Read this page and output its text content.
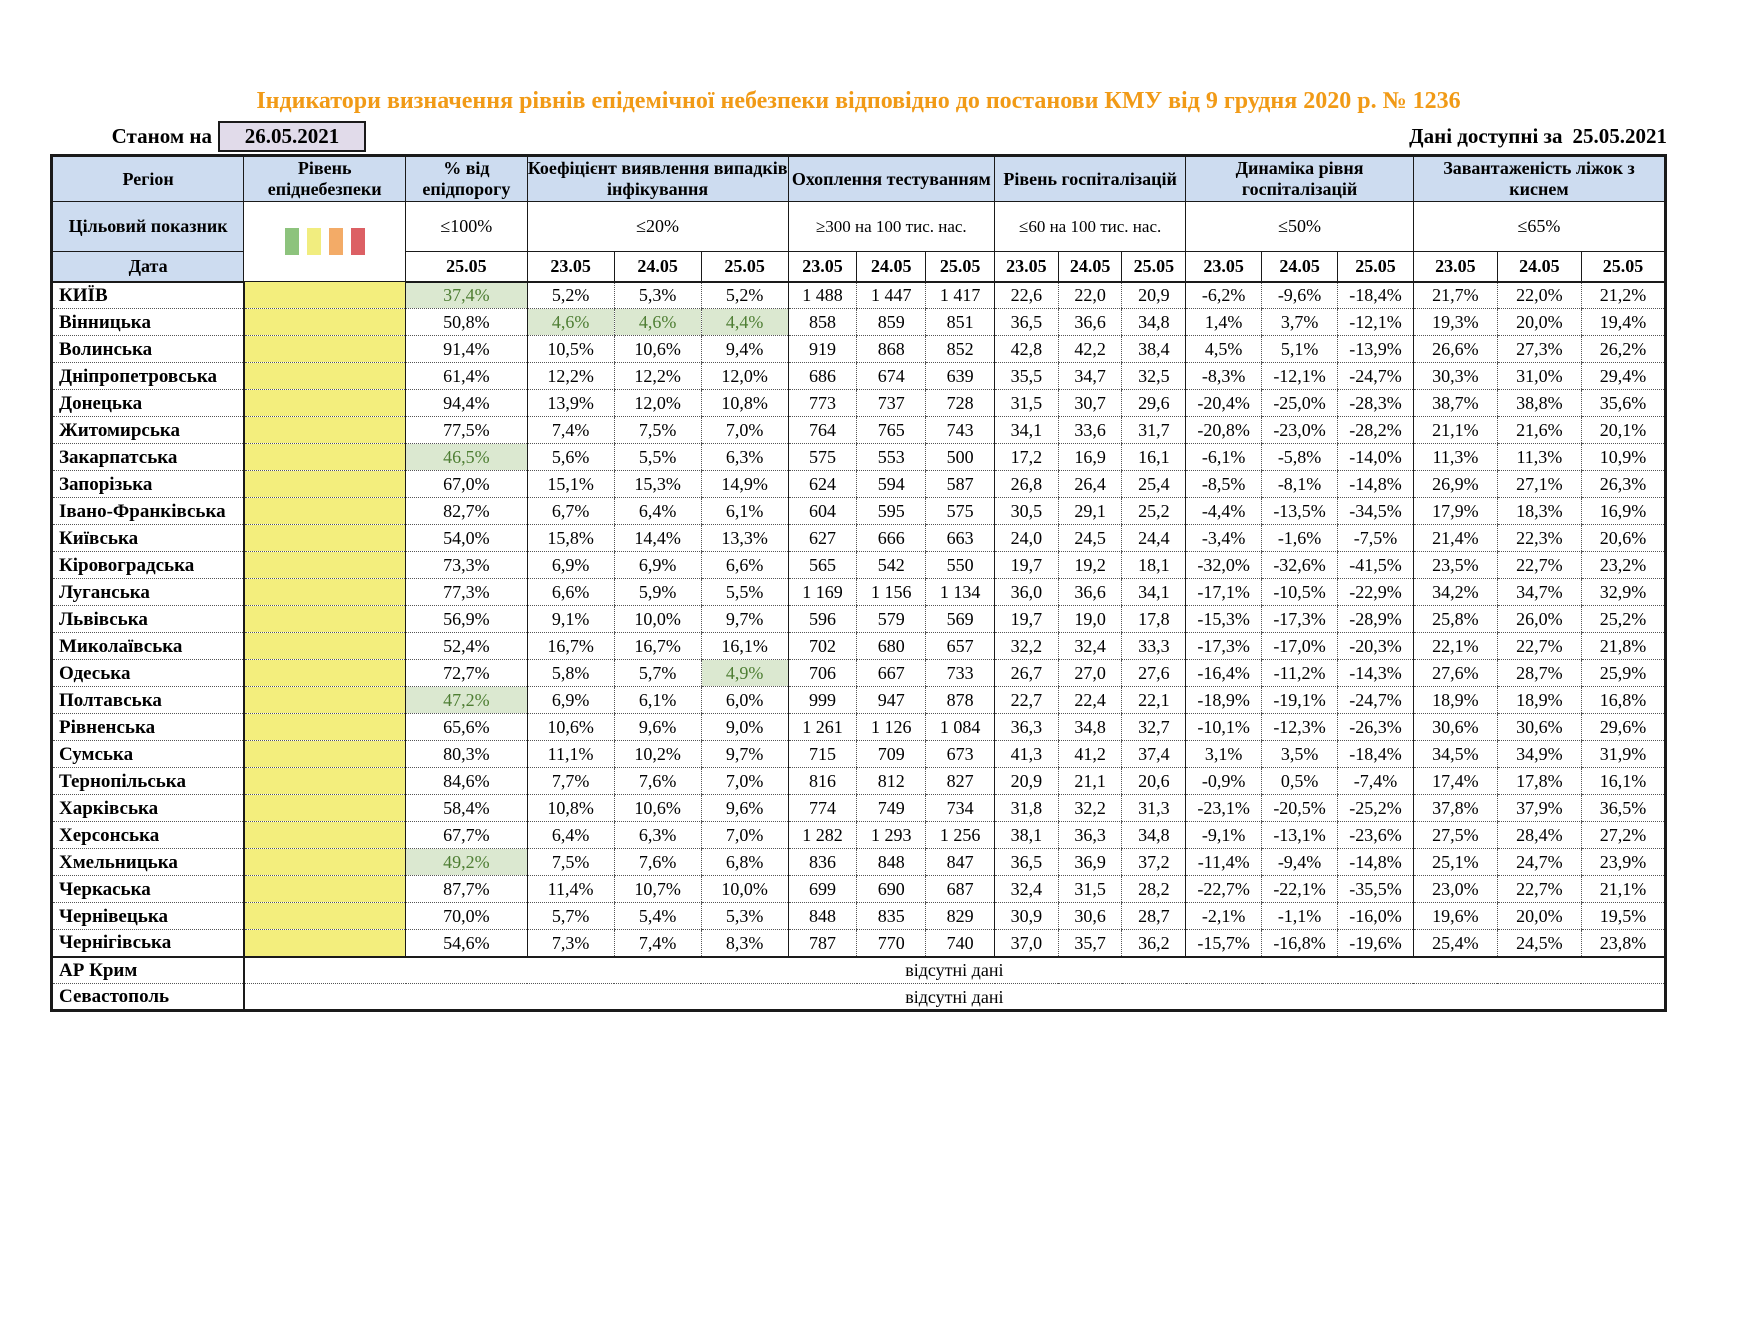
Індикатори визначення рівнів епідемічної небезпеки відповідно до постанови КМУ від 9 грудня 2020 р. № 1236
Станом на	26.05.2021	Дані доступні за 25.05.2021
Регіон	Рівень епіднебезпеки	% від епідпорогу	Коефіцієнт виявлення випадків інфікування			Охоплення тестуванням			Рівень госпіталізацій			Динаміка рівня госпіталізацій			Завантаженість ліжок з киснем		
Цільовий показник		≤100%	≤20%			≥300 на 100 тис. нас.			≤60 на 100 тис. нас.			≤50%			≤65%		
Дата		25.05	23.05	24.05	25.05	23.05	24.05	25.05	23.05	24.05	25.05	23.05	24.05	25.05	23.05	24.05	25.05
КИЇВ		37,4%	5,2%	5,3%	5,2%	1 488	1 447	1 417	22,6	22,0	20,9	-6,2%	-9,6%	-18,4%	21,7%	22,0%	21,2%
Вінницька		50,8%	4,6%	4,6%	4,4%	858	859	851	36,5	36,6	34,8	1,4%	3,7%	-12,1%	19,3%	20,0%	19,4%
Волинська		91,4%	10,5%	10,6%	9,4%	919	868	852	42,8	42,2	38,4	4,5%	5,1%	-13,9%	26,6%	27,3%	26,2%
Дніпропетровська		61,4%	12,2%	12,2%	12,0%	686	674	639	35,5	34,7	32,5	-8,3%	-12,1%	-24,7%	30,3%	31,0%	29,4%
Донецька		94,4%	13,9%	12,0%	10,8%	773	737	728	31,5	30,7	29,6	-20,4%	-25,0%	-28,3%	38,7%	38,8%	35,6%
Житомирська		77,5%	7,4%	7,5%	7,0%	764	765	743	34,1	33,6	31,7	-20,8%	-23,0%	-28,2%	21,1%	21,6%	20,1%
Закарпатська		46,5%	5,6%	5,5%	6,3%	575	553	500	17,2	16,9	16,1	-6,1%	-5,8%	-14,0%	11,3%	11,3%	10,9%
Запорізька		67,0%	15,1%	15,3%	14,9%	624	594	587	26,8	26,4	25,4	-8,5%	-8,1%	-14,8%	26,9%	27,1%	26,3%
Івано-Франківська		82,7%	6,7%	6,4%	6,1%	604	595	575	30,5	29,1	25,2	-4,4%	-13,5%	-34,5%	17,9%	18,3%	16,9%
Київська		54,0%	15,8%	14,4%	13,3%	627	666	663	24,0	24,5	24,4	-3,4%	-1,6%	-7,5%	21,4%	22,3%	20,6%
Кіровоградська		73,3%	6,9%	6,9%	6,6%	565	542	550	19,7	19,2	18,1	-32,0%	-32,6%	-41,5%	23,5%	22,7%	23,2%
Луганська		77,3%	6,6%	5,9%	5,5%	1 169	1 156	1 134	36,0	36,6	34,1	-17,1%	-10,5%	-22,9%	34,2%	34,7%	32,9%
Львівська		56,9%	9,1%	10,0%	9,7%	596	579	569	19,7	19,0	17,8	-15,3%	-17,3%	-28,9%	25,8%	26,0%	25,2%
Миколаївська		52,4%	16,7%	16,7%	16,1%	702	680	657	32,2	32,4	33,3	-17,3%	-17,0%	-20,3%	22,1%	22,7%	21,8%
Одеська		72,7%	5,8%	5,7%	4,9%	706	667	733	26,7	27,0	27,6	-16,4%	-11,2%	-14,3%	27,6%	28,7%	25,9%
Полтавська		47,2%	6,9%	6,1%	6,0%	999	947	878	22,7	22,4	22,1	-18,9%	-19,1%	-24,7%	18,9%	18,9%	16,8%
Рівненська		65,6%	10,6%	9,6%	9,0%	1 261	1 126	1 084	36,3	34,8	32,7	-10,1%	-12,3%	-26,3%	30,6%	30,6%	29,6%
Сумська		80,3%	11,1%	10,2%	9,7%	715	709	673	41,3	41,2	37,4	3,1%	3,5%	-18,4%	34,5%	34,9%	31,9%
Тернопільська		84,6%	7,7%	7,6%	7,0%	816	812	827	20,9	21,1	20,6	-0,9%	0,5%	-7,4%	17,4%	17,8%	16,1%
Харківська		58,4%	10,8%	10,6%	9,6%	774	749	734	31,8	32,2	31,3	-23,1%	-20,5%	-25,2%	37,8%	37,9%	36,5%
Херсонська		67,7%	6,4%	6,3%	7,0%	1 282	1 293	1 256	38,1	36,3	34,8	-9,1%	-13,1%	-23,6%	27,5%	28,4%	27,2%
Хмельницька		49,2%	7,5%	7,6%	6,8%	836	848	847	36,5	36,9	37,2	-11,4%	-9,4%	-14,8%	25,1%	24,7%	23,9%
Черкаська		87,7%	11,4%	10,7%	10,0%	699	690	687	32,4	31,5	28,2	-22,7%	-22,1%	-35,5%	23,0%	22,7%	21,1%
Чернівецька		70,0%	5,7%	5,4%	5,3%	848	835	829	30,9	30,6	28,7	-2,1%	-1,1%	-16,0%	19,6%	20,0%	19,5%
Чернігівська		54,6%	7,3%	7,4%	8,3%	787	770	740	37,0	35,7	36,2	-15,7%	-16,8%	-19,6%	25,4%	24,5%	23,8%
АР Крим	відсутні дані																
Севастополь	відсутні дані																
